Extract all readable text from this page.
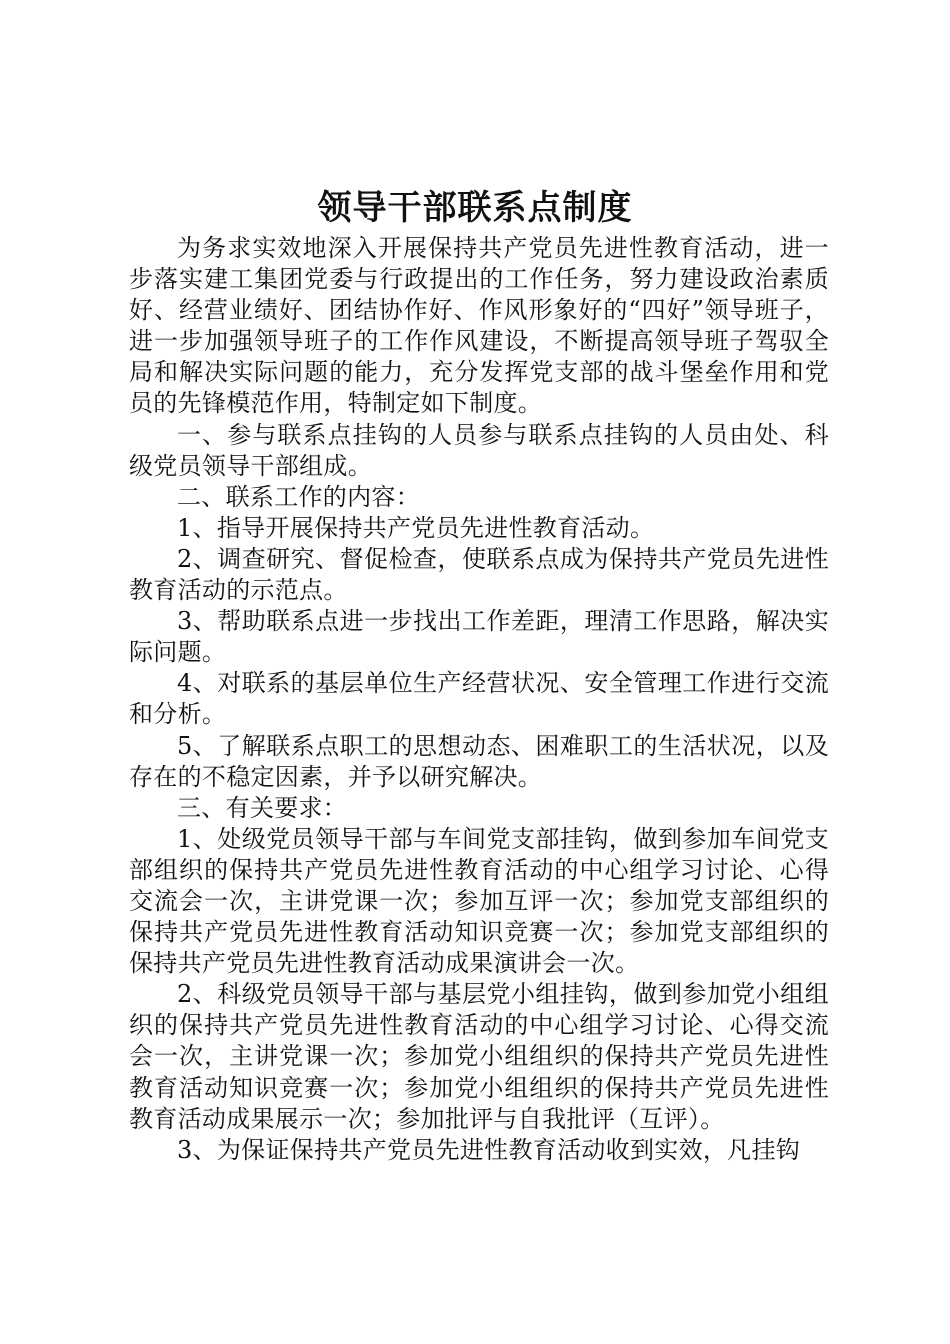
领导干部联系点制度

为务求实效地深入开展保持共产党员先进性教育活动，进一步落实建工集团党委与行政提出的工作任务，努力建设政治素质好、经营业绩好、团结协作好、作风形象好的“四好”领导班子，进一步加强领导班子的工作作风建设，不断提高领导班子驾驭全局和解决实际问题的能力，充分发挥党支部的战斗堡垒作用和党员的先锋模范作用，特制定如下制度。

一、参与联系点挂钩的人员参与联系点挂钩的人员由处、科级党员领导干部组成。

二、联系工作的内容：

1、指导开展保持共产党员先进性教育活动。

2、调查研究、督促检查，使联系点成为保持共产党员先进性教育活动的示范点。

3、帮助联系点进一步找出工作差距，理清工作思路，解决实际问题。

4、对联系的基层单位生产经营状况、安全管理工作进行交流和分析。

5、了解联系点职工的思想动态、困难职工的生活状况，以及存在的不稳定因素，并予以研究解决。

三、有关要求：

1、处级党员领导干部与车间党支部挂钩，做到参加车间党支部组织的保持共产党员先进性教育活动的中心组学习讨论、心得交流会一次，主讲党课一次；参加互评一次；参加党支部组织的保持共产党员先进性教育活动知识竞赛一次；参加党支部组织的保持共产党员先进性教育活动成果演讲会一次。

2、科级党员领导干部与基层党小组挂钩，做到参加党小组组织的保持共产党员先进性教育活动的中心组学习讨论、心得交流会一次，主讲党课一次；参加党小组组织的保持共产党员先进性教育活动知识竞赛一次；参加党小组组织的保持共产党员先进性教育活动成果展示一次；参加批评与自我批评（互评）。

3、为保证保持共产党员先进性教育活动收到实效，凡挂钩
